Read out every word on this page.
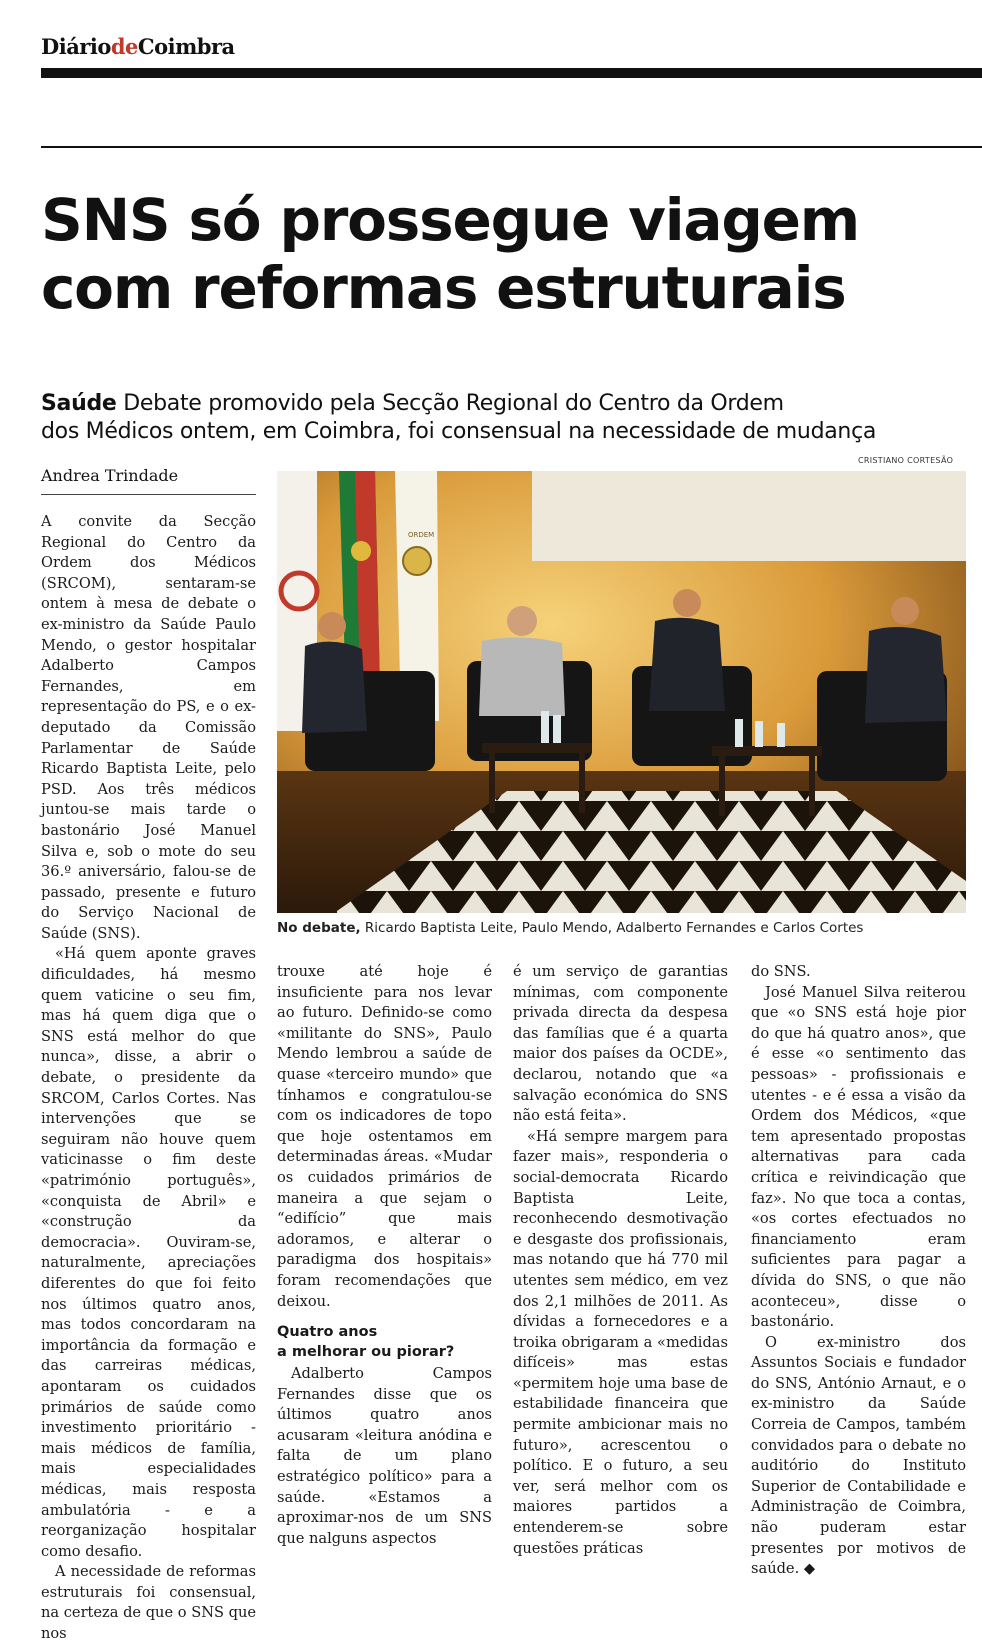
DiáriodeCoimbra
SNS só prossegue viagem
com reformas estruturais
Saúde Debate promovido pela Secção Regional do Centro da Ordem
dos Médicos ontem, em Coimbra, foi consensual na necessidade de mudança
Andrea Trindade
CRISTIANO CORTESÃO
ORDEM
No debate, Ricardo Baptista Leite, Paulo Mendo, Adalberto Fernandes e Carlos Cortes

A convite da Secção Regional do Centro da Ordem dos Médicos (SRCOM), sentaram-se ontem à mesa de debate o ex-ministro da Saúde Paulo Mendo, o gestor hospitalar Adalberto Campos Fernandes, em representação do PS, e o ex-deputado da Comissão Parlamentar de Saúde Ricardo Baptista Leite, pelo PSD. Aos três médicos juntou-se mais tarde o bastonário José Manuel Silva e, sob o mote do seu 36.º aniversário, falou-se de passado, presente e futuro do Serviço Nacional de Saúde (SNS).

«Há quem aponte graves dificuldades, há mesmo quem vaticine o seu fim, mas há quem diga que o SNS está melhor do que nunca», disse, a abrir o debate, o presidente da SRCOM, Carlos Cortes. Nas intervenções que se seguiram não houve quem vaticinasse o fim deste «património português», «conquista de Abril» e «construção da democracia». Ouviram-se, naturalmente, apreciações diferentes do que foi feito nos últimos quatro anos, mas todos concordaram na importância da formação e das carreiras médicas, apontaram os cuidados primários de saúde como investimento prioritário - mais médicos de família, mais especialidades médicas, mais resposta ambulatória - e a reorganização hospitalar como desafio.

A necessidade de reformas estruturais foi consensual, na certeza de que o SNS que nos

trouxe até hoje é insuficiente para nos levar ao futuro. Definido-se como «militante do SNS», Paulo Mendo lembrou a saúde de quase «terceiro mundo» que tínhamos e congratulou-se com os indicadores de topo que hoje ostentamos em determinadas áreas. «Mudar os cuidados primários de maneira a que sejam o “edifício” que mais adoramos, e alterar o paradigma dos hospitais» foram recomendações que deixou.

Quatro anos
a melhorar ou piorar?

Adalberto Campos Fernandes disse que os últimos quatro anos acusaram «leitura anódina e falta de um plano estratégico político» para a saúde. «Estamos a aproximar-nos de um SNS que nalguns aspectos

é um serviço de garantias mínimas, com componente privada directa da despesa das famílias que é a quarta maior dos países da OCDE», declarou, notando que «a salvação económica do SNS não está feita».

«Há sempre margem para fazer mais», responderia o social-democrata Ricardo Baptista Leite, reconhecendo desmotivação e desgaste dos profissionais, mas notando que há 770 mil utentes sem médico, em vez dos 2,1 milhões de 2011. As dívidas a fornecedores e a troika obrigaram a «medidas difíceis» mas estas «permitem hoje uma base de estabilidade financeira que permite ambicionar mais no futuro», acrescentou o político. E o futuro, a seu ver, será melhor com os maiores partidos a entenderem-se sobre questões práticas

do SNS.

José Manuel Silva reiterou que «o SNS está hoje pior do que há quatro anos», que é esse «o sentimento das pessoas» - profissionais e utentes - e é essa a visão da Ordem dos Médicos, «que tem apresentado propostas alternativas para cada crítica e reivindicação que faz». No que toca a contas, «os cortes efectuados no financiamento eram suficientes para pagar a dívida do SNS, o que não aconteceu», disse o bastonário.

O ex-ministro dos Assuntos Sociais e fundador do SNS, António Arnaut, e o ex-ministro da Saúde Correia de Campos, também convidados para o debate no auditório do Instituto Superior de Contabilidade e Administração de Coimbra, não puderam estar presentes por motivos de saúde. ◆
